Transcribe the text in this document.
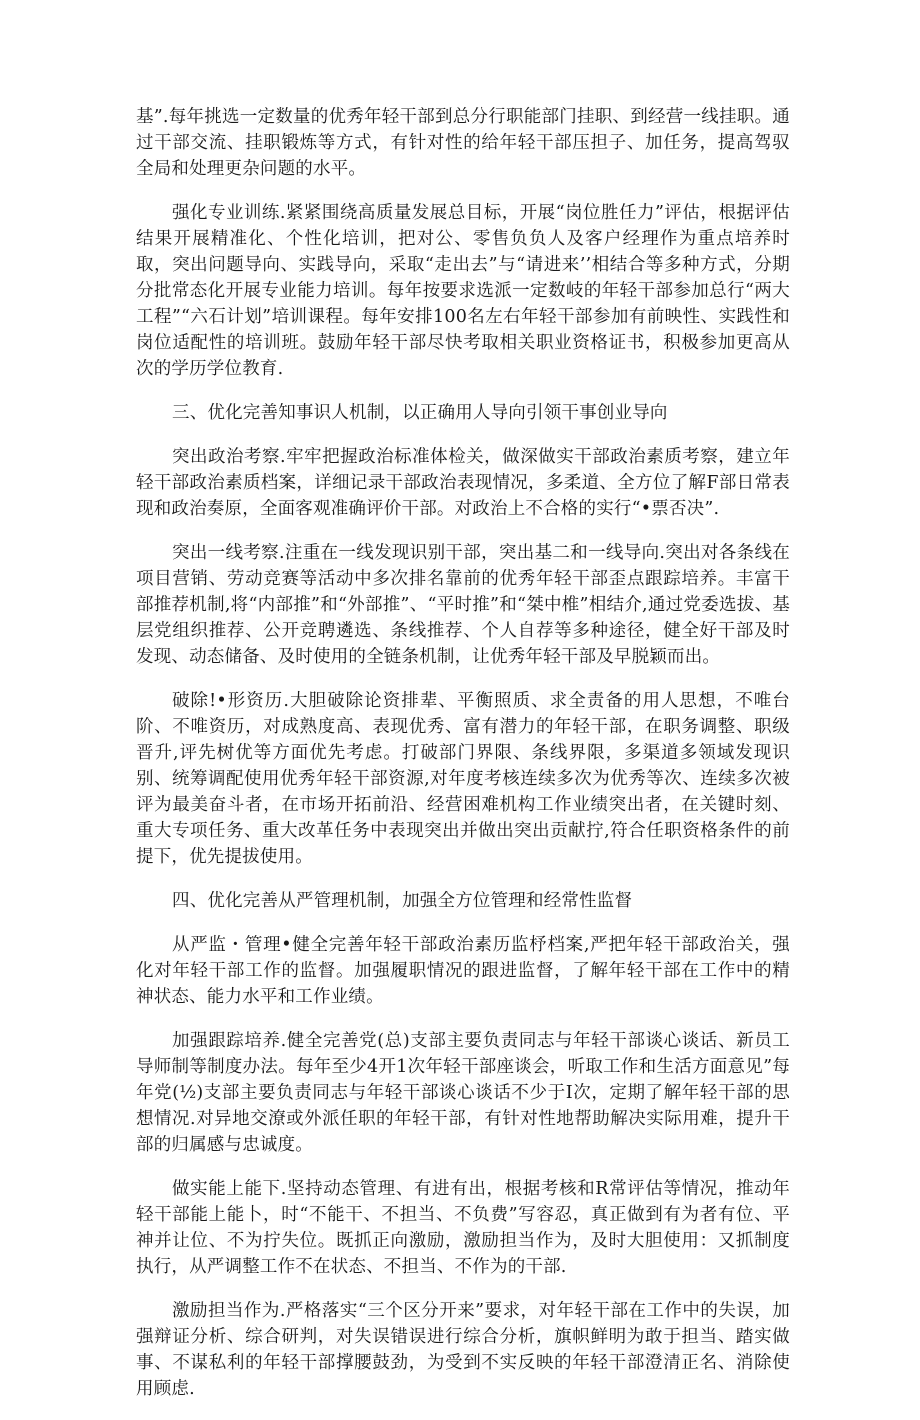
基”.每年挑选一定数量的优秀年轻干部到总分行职能部门挂职、到经营一线挂职。通过干部交流、挂职锻炼等方式，有针对性的给年轻干部压担子、加任务，提高驾驭全局和处理更杂问题的水平。

强化专业训练.紧紧围绕高质量发展总目标，开展“岗位胜任力”评估，根据评估结果开展精准化、个性化培训，把对公、零售负负人及客户经理作为重点培养时取，突出问题导向、实践导向，采取“走出去”与“请进来’’相结合等多种方式，分期分批常态化开展专业能力培训。每年按要求选派一定数岐的年轻干部参加总行“两大工程”“六石计划”培训课程。每年安排100名左右年轻干部参加有前映性、实践性和岗位适配性的培训班。鼓励年轻干部尽快考取相关职业资格证书，积极参加更高从次的学历学位教育.

三、优化完善知事识人机制，以正确用人导向引领干事创业导向

突出政治考察.牢牢把握政治标准体检关，做深做实干部政治素质考察，建立年轻干部政治素质档案，详细记录干部政治表现情况，多柔道、全方位了解F部日常表现和政治奏原，全面客观准确评价干部。对政治上不合格的实行“•票否决”.

突出一线考察.注重在一线发现识别干部，突出基二和一线导向.突出对各条线在项目营销、劳动竞赛等活动中多次排名靠前的优秀年轻干部歪点跟踪培养。丰富干部推荐机制,将“内部推”和“外部推”、“平时推”和“桀中椎”相结介,通过党委选拔、基层党组织推荐、公开竞聘遴选、条线推荐、个人自荐等多种途径，健全好干部及时发现、动态储备、及时使用的全链条机制，让优秀年轻干部及早脱颖而出。

破除!•形资历.大胆破除论资排辈、平衡照质、求全责备的用人思想，不唯台阶、不唯资历，对成熟度高、表现优秀、富有潜力的年轻干部，在职务调整、职级晋升,评先树优等方面优先考虑。打破部门界限、条线界限，多渠道多领域发现识别、统筹调配使用优秀年轻干部资源,对年度考核连续多次为优秀等次、连续多次被评为最美奋斗者，在市场开拓前沿、经营困难机构工作业绩突出者，在关键时刻、重大专项任务、重大改革任务中表现突出并做出突出贡献拧,符合任职资格条件的前提下，优先提拔使用。

四、优化完善从严管理机制，加强全方位管理和经常性监督

从严监・管理•健全完善年轻干部政治素历监杼档案,严把年轻干部政治关，强化对年轻干部工作的监督。加强履职情况的跟进监督，了解年轻干部在工作中的精神状态、能力水平和工作业绩。

加强跟踪培养.健全完善党(总)支部主要负责同志与年轻干部谈心谈话、新员工导师制等制度办法。每年至少4开1次年轻干部座谈会，听取工作和生活方面意见”每年党(½)支部主要负责同志与年轻干部谈心谈话不少于I次，定期了解年轻干部的思想情况.对异地交潦或外派任职的年轻干部，有针对性地帮助解决实际用难，提升干部的归属感与忠诚度。

做实能上能下.坚持动态管理、有进有出，根据考核和R常评估等情况，推动年轻干部能上能卜，时“不能干、不担当、不负费”写容忍，真正做到有为者有位、平神并让位、不为拧失位。既抓正向激励，激励担当作为，及时大胆使用：又抓制度执行，从严调整工作不在状态、不担当、不作为的干部.

激励担当作为.严格落实“三个区分开来”要求，对年轻干部在工作中的失误，加强辩证分析、综合研判，对失误错误进行综合分析，旗帜鲜明为敢于担当、踏实做事、不谋私利的年轻干部撑腰鼓劲，为受到不实反映的年轻干部澄清正名、消除使用顾虑.
